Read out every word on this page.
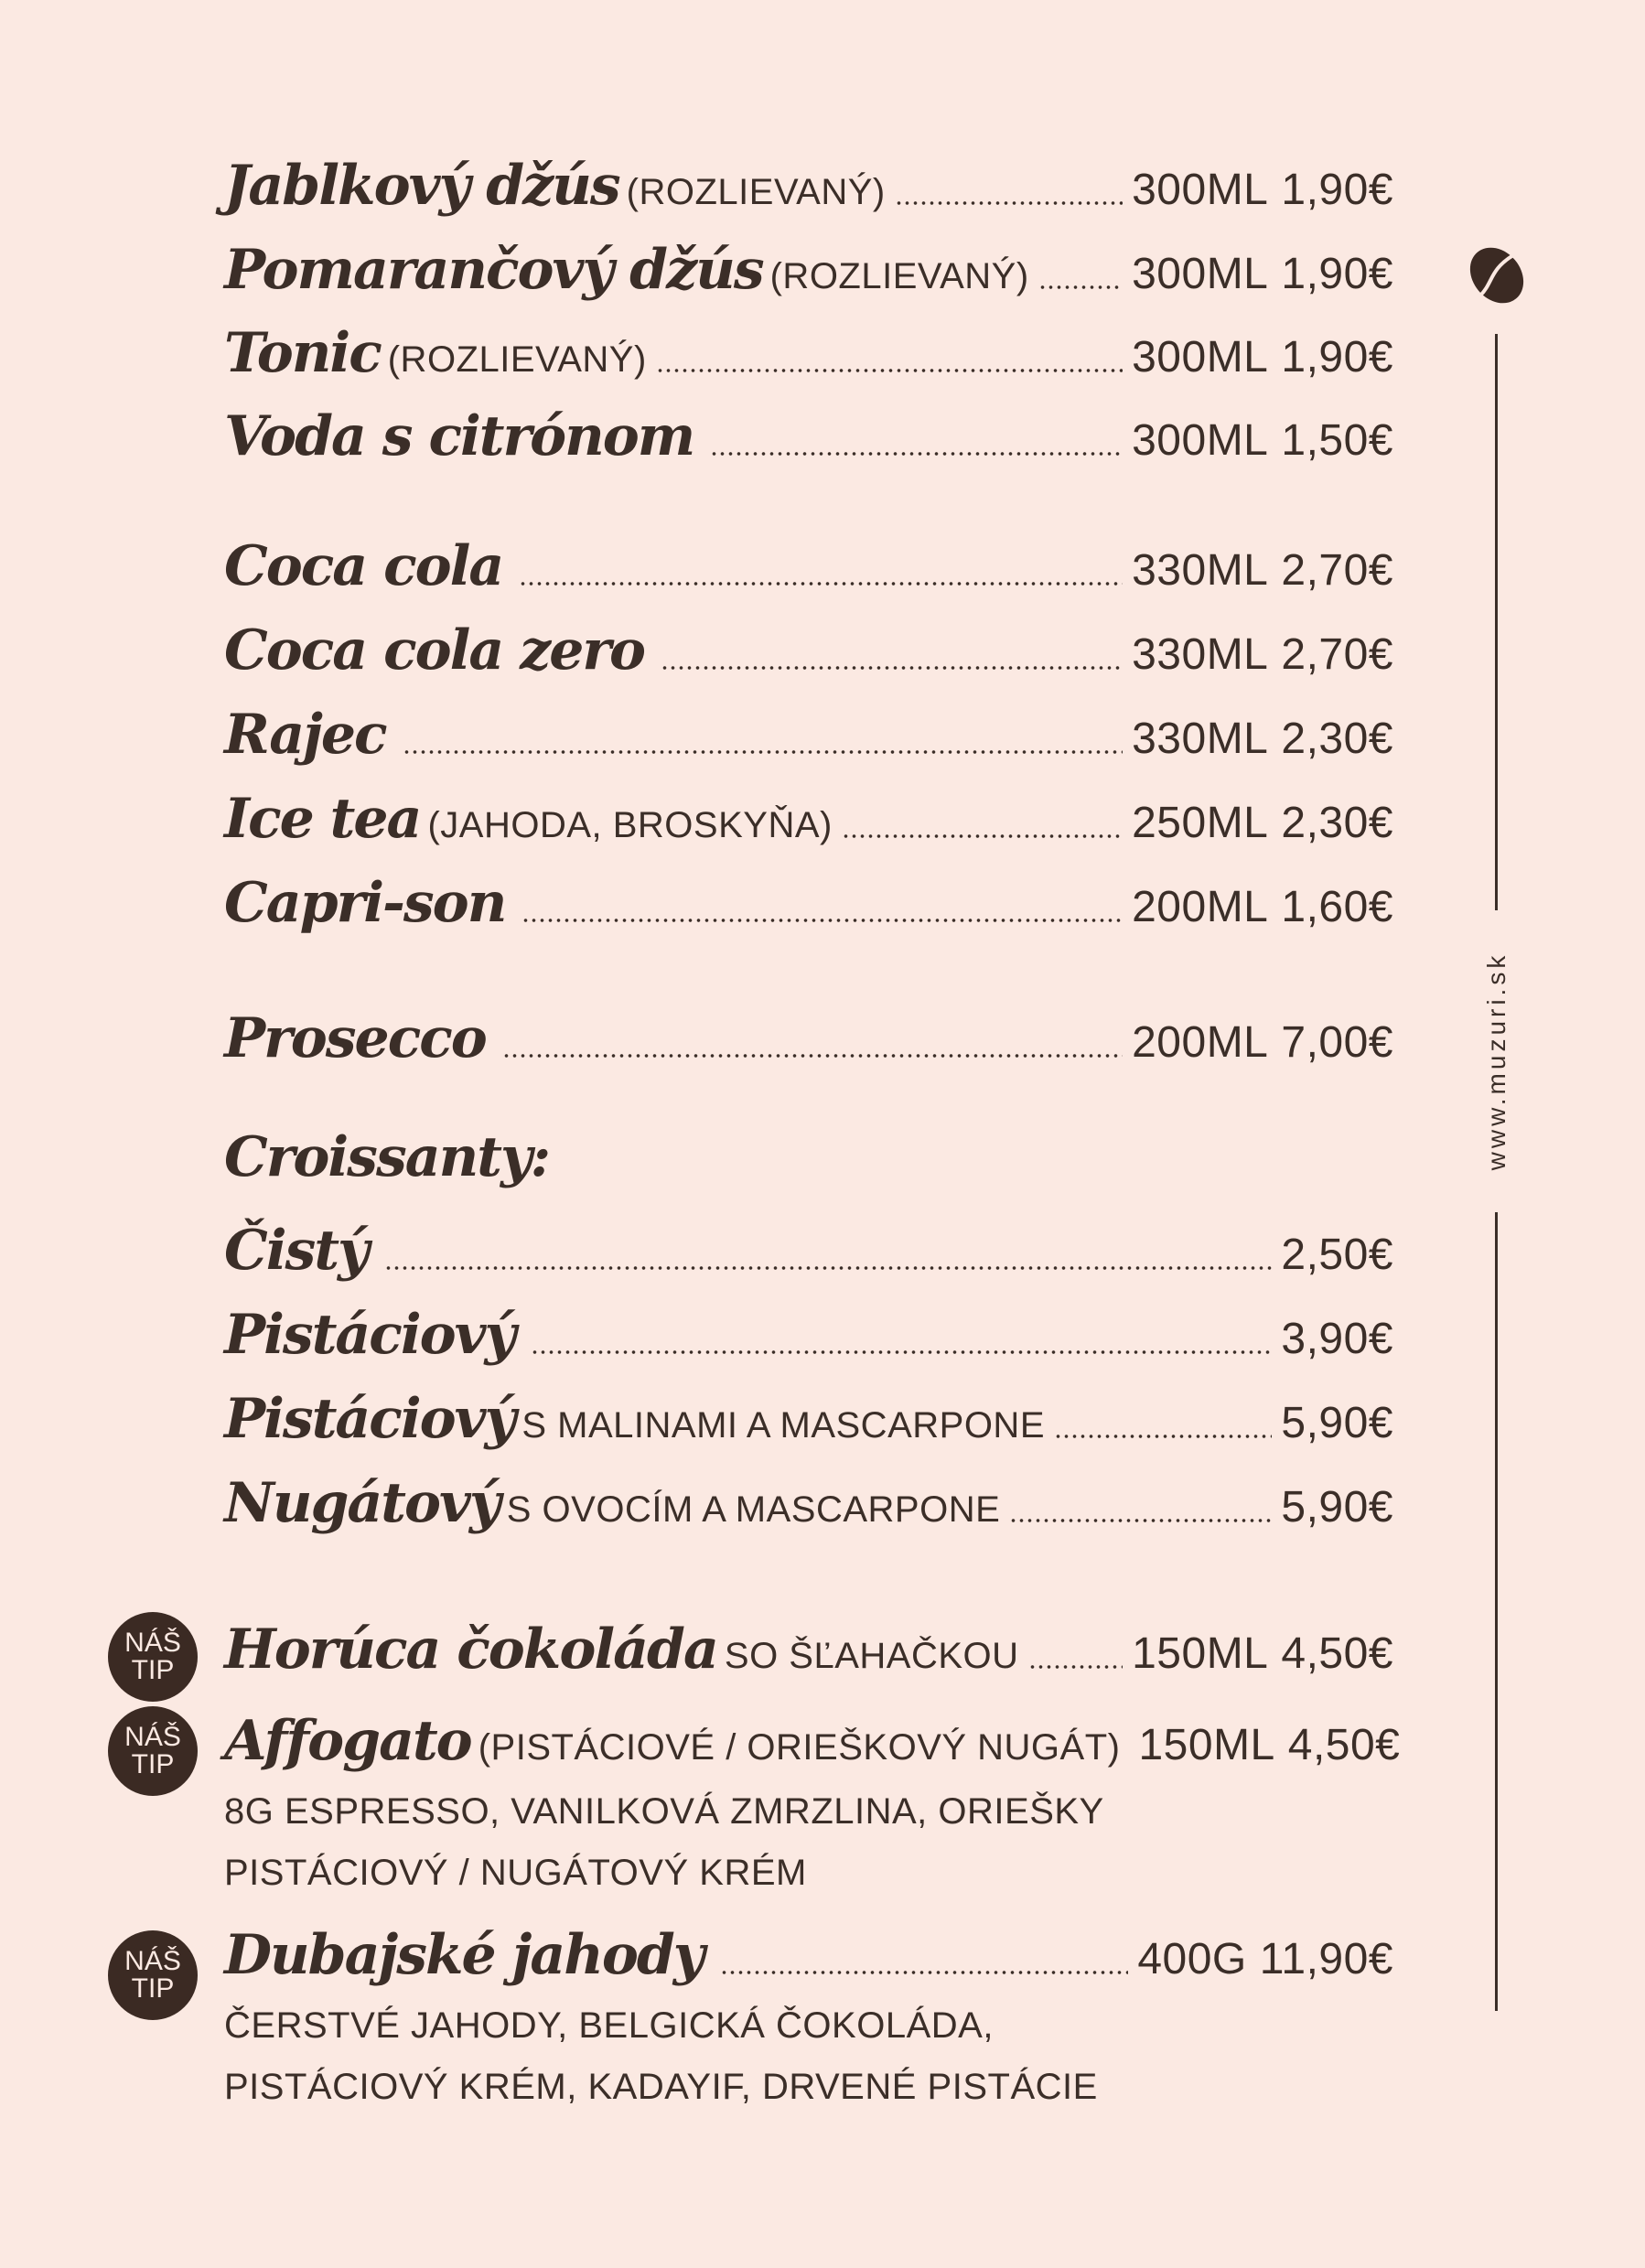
Jablkový džús (ROZLIEVANÝ)	300ML 1,90€
Pomarančový džús (ROZLIEVANÝ) 300ML 1,90€
Tonic (ROZLIEVANÝ)	300ML 1,90€
Voda s citrónom	300ML 1,50€
Coca cola	330ML 2,70€
Coca cola zero	330ML 2,70€
Rajec	330ML 2,30€
Ice tea (JAHODA, BROSKYŇA)	250ML 2,30€
Capri-son	200ML 1,60€
Prosecco	200ML 7,00€
Croissanty:
Čistý	2,50€
Pistáciový	3,90€
Pistáciový S MALINAMI A MASCARPONE	5,90€
Nugátový S OVOCÍM A MASCARPONE	5,90€
NÁŠ
TIP Horúca čokoláda SO ŠĽAHAČKOU	150ML 4,50€
NÁŠ
TIP Affogato (PISTÁCIOVÉ / ORIEŠKOVÝ NUGÁT) 150ML 4,50€
8G ESPRESSO, VANILKOVÁ ZMRZLINA, ORIEŠKY
PISTÁCIOVÝ / NUGÁTOVÝ KRÉM
NÁŠ
TIP
Dubajské jahody	400G 11,90€
ČERSTVÉ JAHODY, BELGICKÁ ČOKOLÁDA,
PISTÁCIOVÝ KRÉM, KADAYIF, DRVENÉ PISTÁCIE
www.muzuri.sk
